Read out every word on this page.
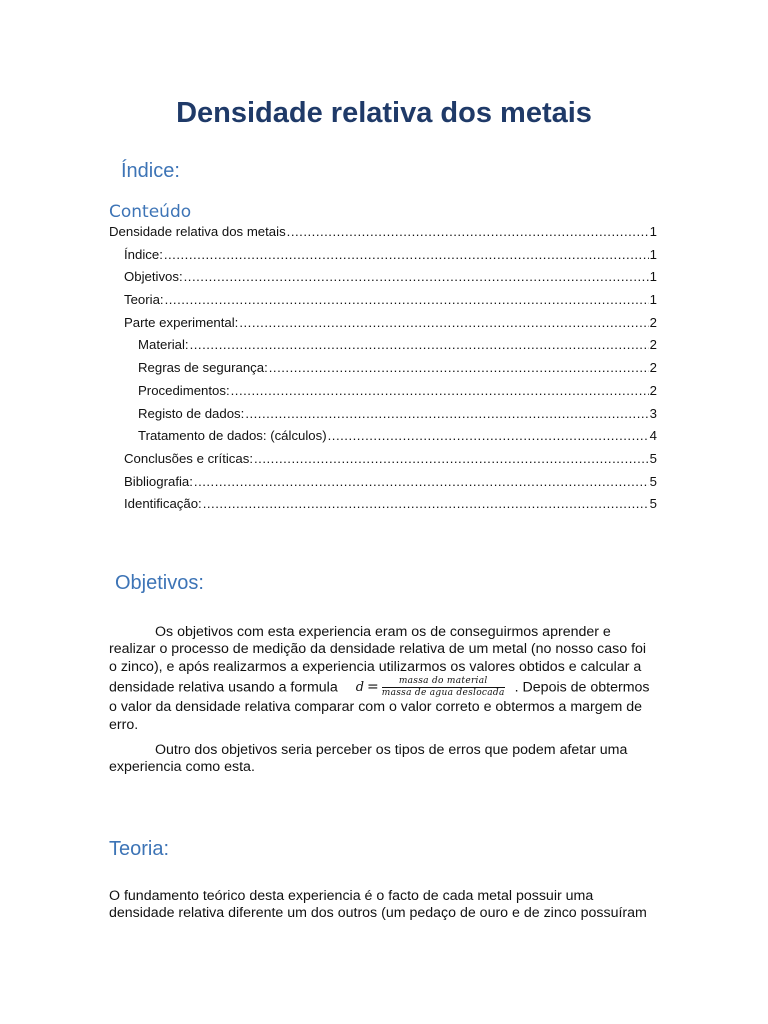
Densidade relativa dos metais
Índice:
Conteúdo
Densidade relativa dos metais .....	1
Índice: .....	1
Objetivos: .....	1
Teoria: .....	1
Parte experimental: .....	2
Material: .....	2
Regras de segurança: .....	2
Procedimentos: .....	2
Registo de dados: .....	3
Tratamento de dados: (cálculos) .....	4
Conclusões e críticas: .....	5
Bibliografia: .....	5
Identificação: .....	5
Objetivos:
Os objetivos com esta experiencia eram os de conseguirmos aprender e realizar o processo de medição da densidade relativa de um metal (no nosso caso foi o zinco), e após realizarmos a experiencia utilizarmos os valores obtidos e calcular a densidade relativa usando a formula $d = \frac{\text{massa do material}}{\text{massa de agua deslocada}}$ . Depois de obtermos o valor da densidade relativa comparar com o valor correto e obtermos a margem de erro.
Outro dos objetivos seria perceber os tipos de erros que podem afetar uma experiencia como esta.
Teoria:
O fundamento teórico desta experiencia é o facto de cada metal possuir uma densidade relativa diferente um dos outros (um pedaço de ouro e de zinco possuíram
